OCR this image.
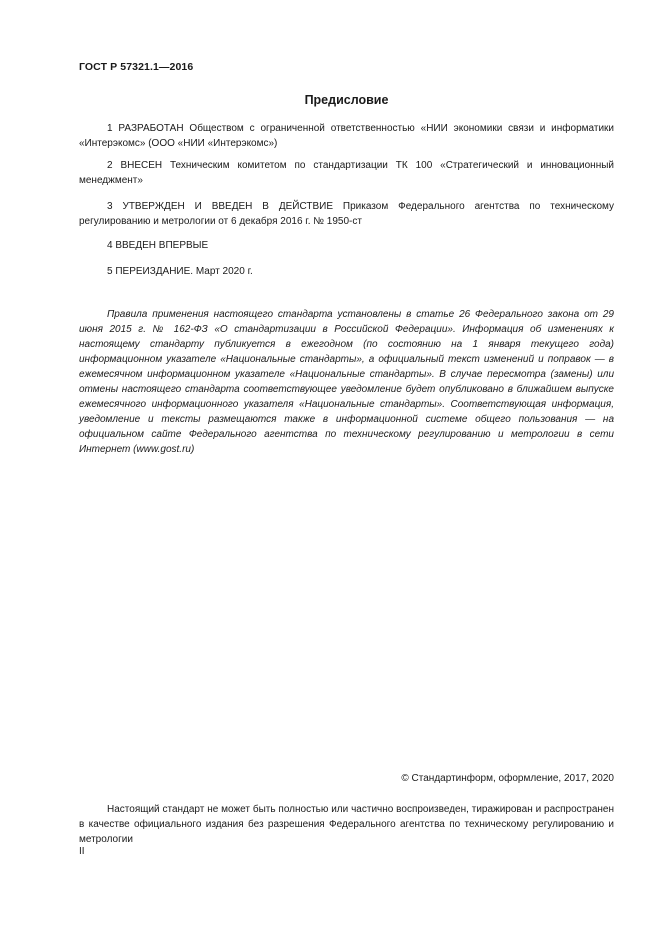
ГОСТ Р 57321.1—2016
Предисловие

1 РАЗРАБОТАН Обществом с ограниченной ответственностью «НИИ экономики связи и информатики «Интерэкомс» (ООО «НИИ «Интерэкомс»)

2 ВНЕСЕН Техническим комитетом по стандартизации ТК 100 «Стратегический и инновационный менеджмент»

3 УТВЕРЖДЕН И ВВЕДЕН В ДЕЙСТВИЕ Приказом Федерального агентства по техническому регулированию и метрологии от 6 декабря 2016 г. № 1950-ст

4 ВВЕДЕН ВПЕРВЫЕ

5 ПЕРЕИЗДАНИЕ. Март 2020 г.

Правила применения настоящего стандарта установлены в статье 26 Федерального закона от 29 июня 2015 г. № 162-ФЗ «О стандартизации в Российской Федерации». Информация об изменениях к настоящему стандарту публикуется в ежегодном (по состоянию на 1 января текущего года) информационном указателе «Национальные стандарты», а официальный текст изменений и поправок — в ежемесячном информационном указателе «Национальные стандарты». В случае пересмотра (замены) или отмены настоящего стандарта соответствующее уведомление будет опубликовано в ближайшем выпуске ежемесячного информационного указателя «Национальные стандарты». Соответствующая информация, уведомление и тексты размещаются также в информационной системе общего пользования — на официальном сайте Федерального агентства по техническому регулированию и метрологии в сети Интернет (www.gost.ru)

© Стандартинформ, оформление, 2017, 2020

Настоящий стандарт не может быть полностью или частично воспроизведен, тиражирован и распространен в качестве официального издания без разрешения Федерального агентства по техническому регулированию и метрологии

II
